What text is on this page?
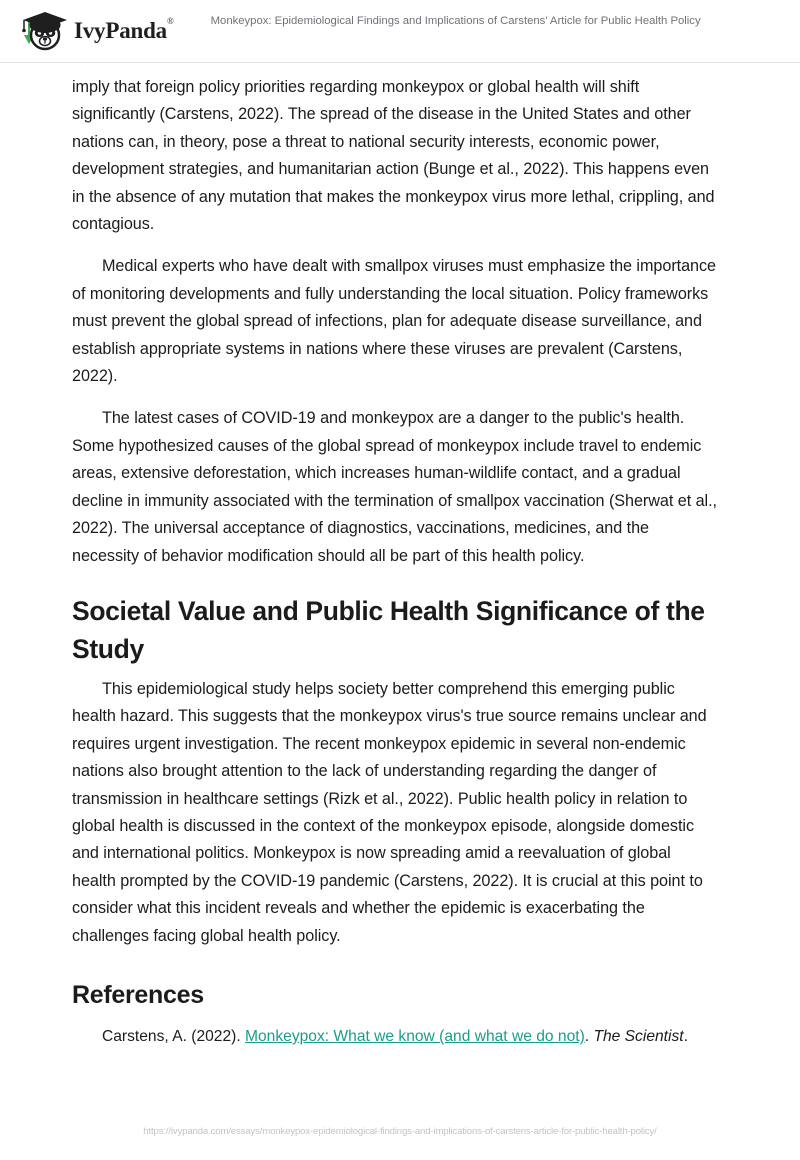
IvyPanda®	Monkeypox: Epidemiological Findings and Implications of Carstens’ Article for Public Health Policy

imply that foreign policy priorities regarding monkeypox or global health will shift significantly (Carstens, 2022). The spread of the disease in the United States and other nations can, in theory, pose a threat to national security interests, economic power, development strategies, and humanitarian action (Bunge et al., 2022). This happens even in the absence of any mutation that makes the monkeypox virus more lethal, crippling, and contagious.

Medical experts who have dealt with smallpox viruses must emphasize the importance of monitoring developments and fully understanding the local situation. Policy frameworks must prevent the global spread of infections, plan for adequate disease surveillance, and establish appropriate systems in nations where these viruses are prevalent (Carstens, 2022).

The latest cases of COVID-19 and monkeypox are a danger to the public's health. Some hypothesized causes of the global spread of monkeypox include travel to endemic areas, extensive deforestation, which increases human-wildlife contact, and a gradual decline in immunity associated with the termination of smallpox vaccination (Sherwat et al., 2022). The universal acceptance of diagnostics, vaccinations, medicines, and the necessity of behavior modification should all be part of this health policy.

Societal Value and Public Health Significance of the Study

This epidemiological study helps society better comprehend this emerging public health hazard. This suggests that the monkeypox virus's true source remains unclear and requires urgent investigation. The recent monkeypox epidemic in several non-endemic nations also brought attention to the lack of understanding regarding the danger of transmission in healthcare settings (Rizk et al., 2022). Public health policy in relation to global health is discussed in the context of the monkeypox episode, alongside domestic and international politics. Monkeypox is now spreading amid a reevaluation of global health prompted by the COVID-19 pandemic (Carstens, 2022). It is crucial at this point to consider what this incident reveals and whether the epidemic is exacerbating the challenges facing global health policy.

References

Carstens, A. (2022). Monkeypox: What we know (and what we do not). The Scientist.

https://ivypanda.com/essays/monkeypox-epidemiological-findings-and-implications-of-carstens-article-for-public-health-policy/
